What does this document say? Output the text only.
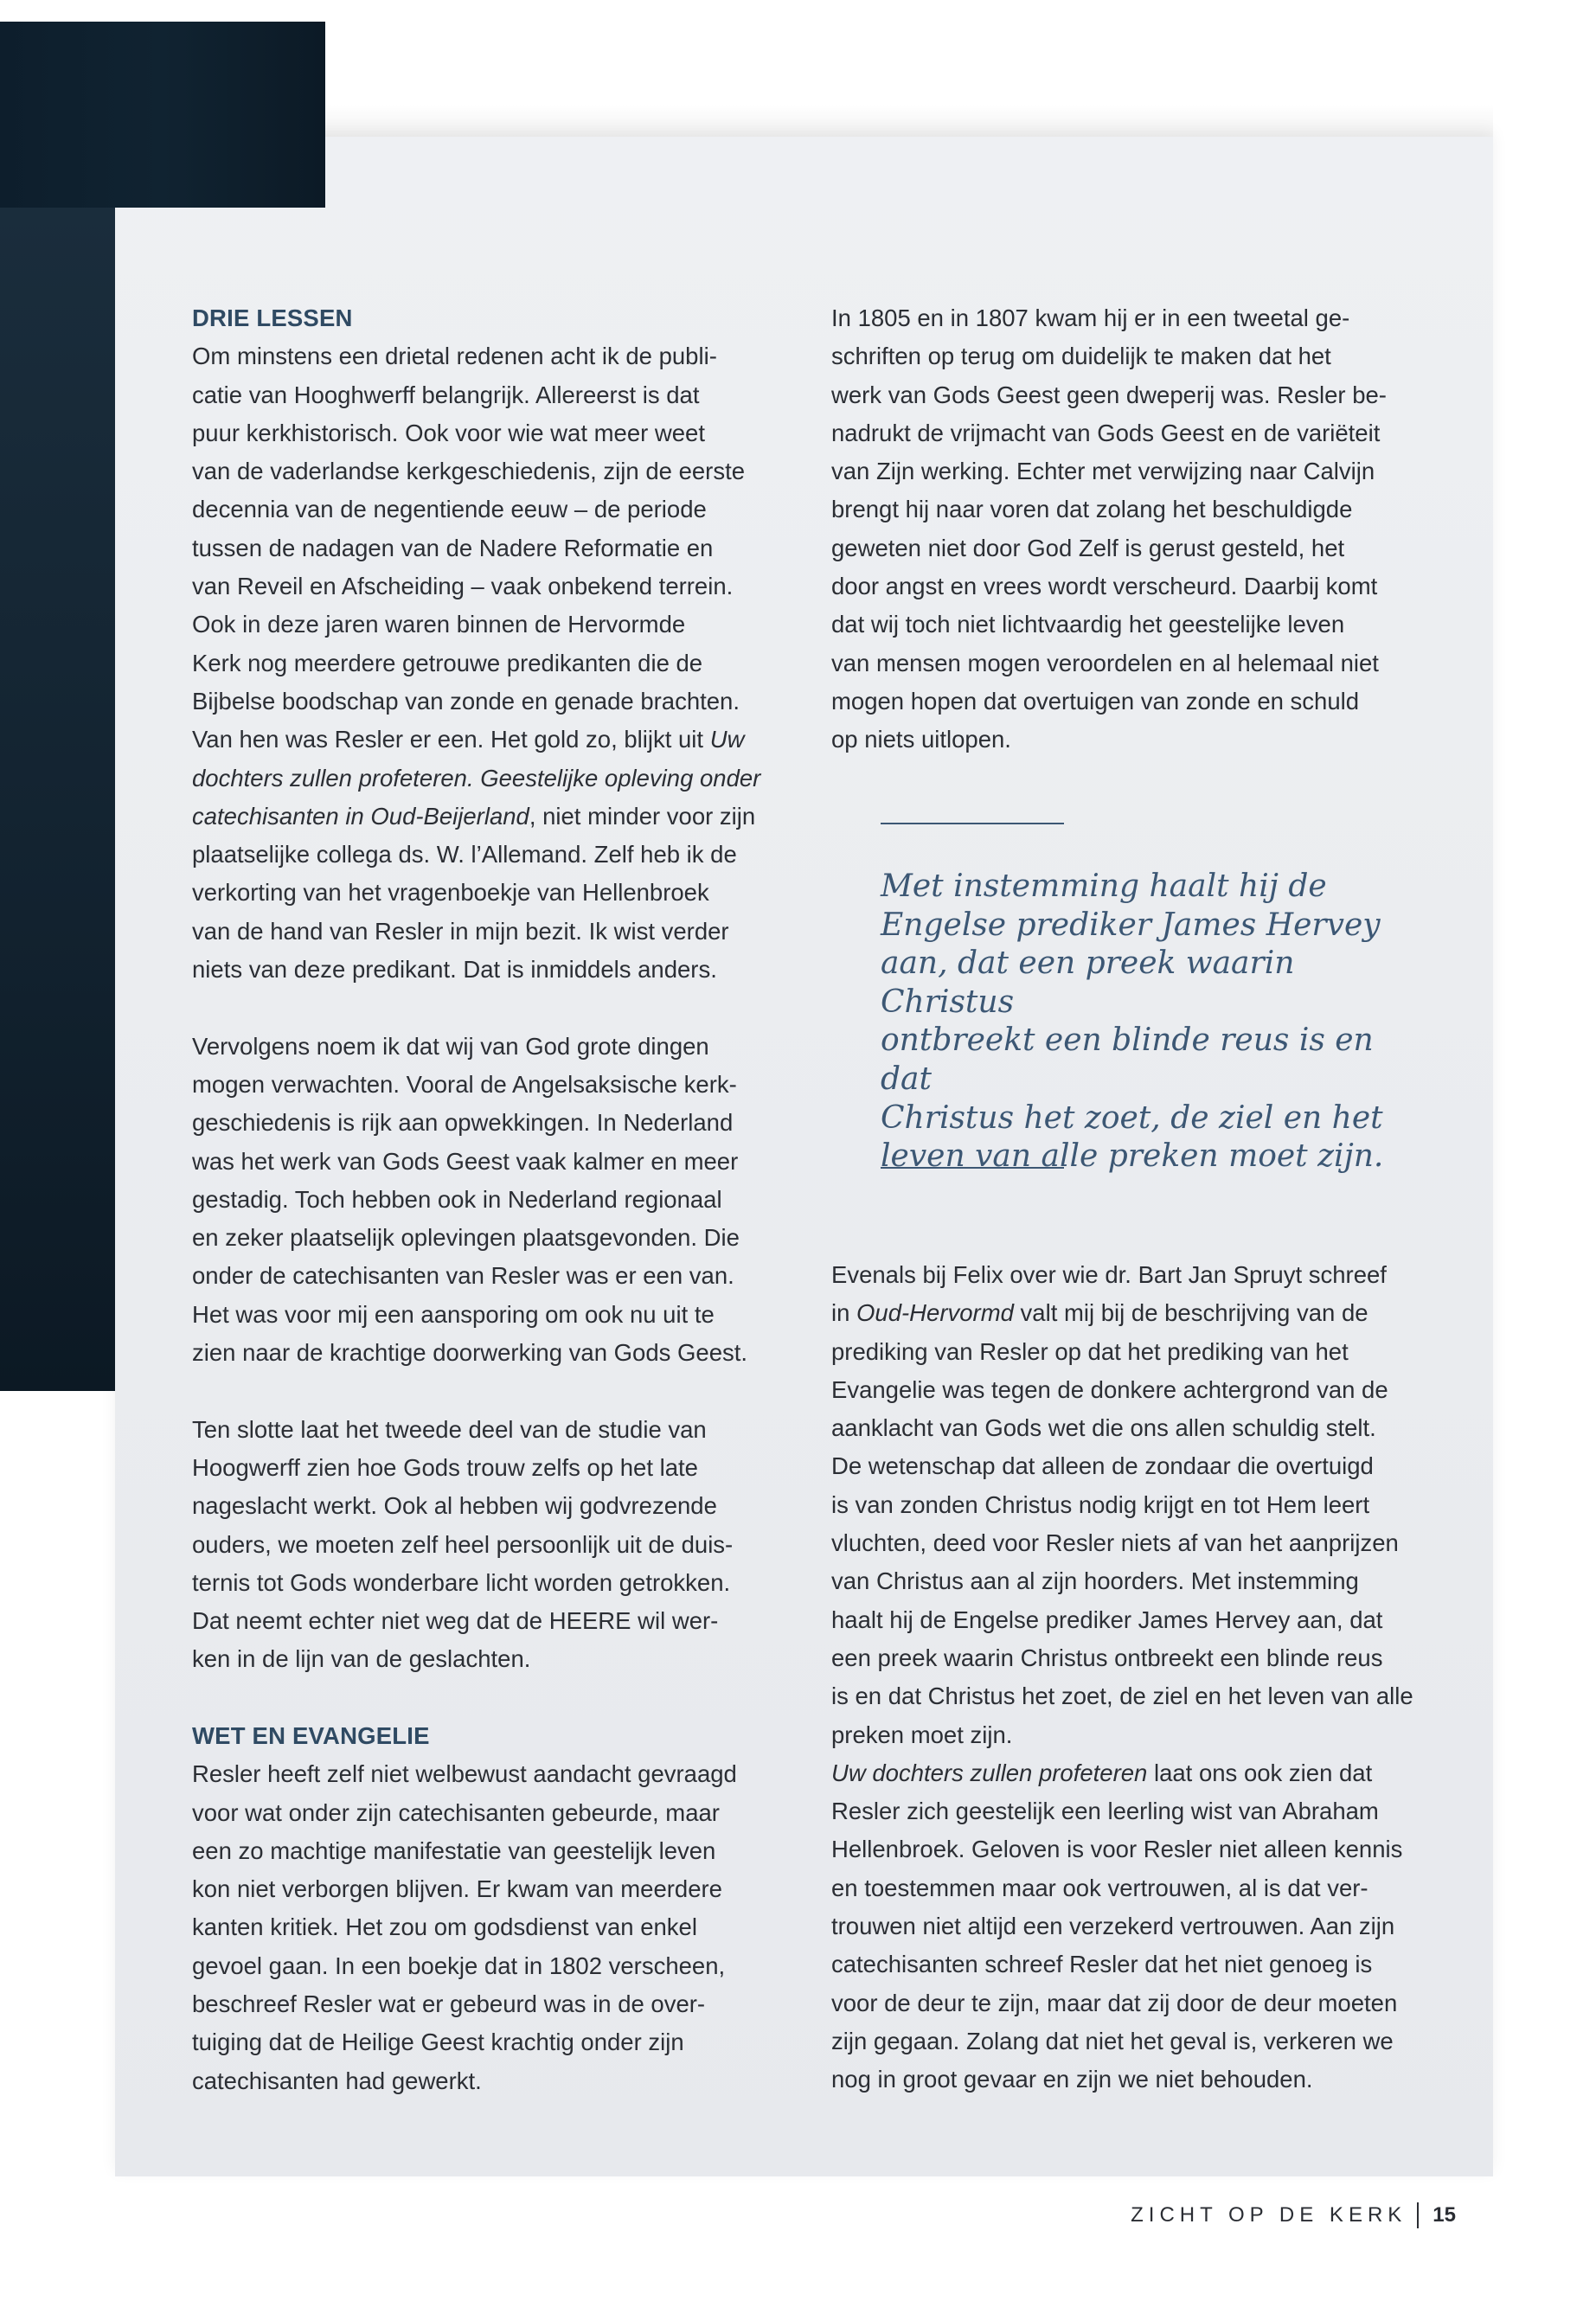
DRIE LESSEN

Om minstens een drietal redenen acht ik de publi-

catie van Hooghwerff belangrijk. Allereerst is dat

puur kerkhistorisch. Ook voor wie wat meer weet

van de vaderlandse kerkgeschiedenis, zijn de eerste

decennia van de negentiende eeuw – de periode

tussen de nadagen van de Nadere Reformatie en

van Reveil en Afscheiding – vaak onbekend terrein.

Ook in deze jaren waren binnen de Hervormde

Kerk nog meerdere getrouwe predikanten die de

Bijbelse boodschap van zonde en genade brachten.

Van hen was Resler er een. Het gold zo, blijkt uit Uw

dochters zullen profeteren. Geestelijke opleving onder

catechisanten in Oud-Beijerland, niet minder voor zijn

plaatselijke collega ds. W. l’Allemand. Zelf heb ik de

verkorting van het vragenboekje van Hellenbroek

van de hand van Resler in mijn bezit. Ik wist verder

niets van deze predikant. Dat is inmiddels anders.

Vervolgens noem ik dat wij van God grote dingen

mogen verwachten. Vooral de Angelsaksische kerk-

geschiedenis is rijk aan opwekkingen. In Nederland

was het werk van Gods Geest vaak kalmer en meer

gestadig. Toch hebben ook in Nederland regionaal

en zeker plaatselijk oplevingen plaatsgevonden. Die

onder de catechisanten van Resler was er een van.

Het was voor mij een aansporing om ook nu uit te

zien naar de krachtige doorwerking van Gods Geest.

Ten slotte laat het tweede deel van de studie van

Hoogwerff zien hoe Gods trouw zelfs op het late

nageslacht werkt. Ook al hebben wij godvrezende

ouders, we moeten zelf heel persoonlijk uit de duis-

ternis tot Gods wonderbare licht worden getrokken.

Dat neemt echter niet weg dat de HEERE wil wer-

ken in de lijn van de geslachten.

WET EN EVANGELIE

Resler heeft zelf niet welbewust aandacht gevraagd

voor wat onder zijn catechisanten gebeurde, maar

een zo machtige manifestatie van geestelijk leven

kon niet verborgen blijven. Er kwam van meerdere

kanten kritiek. Het zou om godsdienst van enkel

gevoel gaan. In een boekje dat in 1802 verscheen,

beschreef Resler wat er gebeurd was in de over-

tuiging dat de Heilige Geest krachtig onder zijn

catechisanten had gewerkt.

In 1805 en in 1807 kwam hij er in een tweetal ge-

schriften op terug om duidelijk te maken dat het

werk van Gods Geest geen dweperij was. Resler be-

nadrukt de vrijmacht van Gods Geest en de variëteit

van Zijn werking. Echter met verwijzing naar Calvijn

brengt hij naar voren dat zolang het beschuldigde

geweten niet door God Zelf is gerust gesteld, het

door angst en vrees wordt verscheurd. Daarbij komt

dat wij toch niet lichtvaardig het geestelijke leven

van mensen mogen veroordelen en al helemaal niet

mogen hopen dat overtuigen van zonde en schuld

op niets uitlopen.

Met instemming haalt hij de
Engelse prediker James Hervey
aan, dat een preek waarin Christus
ontbreekt een blinde reus is en dat
Christus het zoet, de ziel en het
leven van alle preken moet zijn.

Evenals bij Felix over wie dr. Bart Jan Spruyt schreef

in Oud-Hervormd valt mij bij de beschrijving van de

prediking van Resler op dat het prediking van het

Evangelie was tegen de donkere achtergrond van de

aanklacht van Gods wet die ons allen schuldig stelt.

De wetenschap dat alleen de zondaar die overtuigd

is van zonden Christus nodig krijgt en tot Hem leert

vluchten, deed voor Resler niets af van het aanprijzen

van Christus aan al zijn hoorders. Met instemming

haalt hij de Engelse prediker James Hervey aan, dat

een preek waarin Christus ontbreekt een blinde reus

is en dat Christus het zoet, de ziel en het leven van alle

preken moet zijn.

Uw dochters zullen profeteren laat ons ook zien dat

Resler zich geestelijk een leerling wist van Abraham

Hellenbroek. Geloven is voor Resler niet alleen kennis

en toestemmen maar ook vertrouwen, al is dat ver-

trouwen niet altijd een verzekerd vertrouwen. Aan zijn

catechisanten schreef Resler dat het niet genoeg is

voor de deur te zijn, maar dat zij door de deur moeten

zijn gegaan. Zolang dat niet het geval is, verkeren we

nog in groot gevaar en zijn we niet behouden.

ZICHT OP DE KERK 15
